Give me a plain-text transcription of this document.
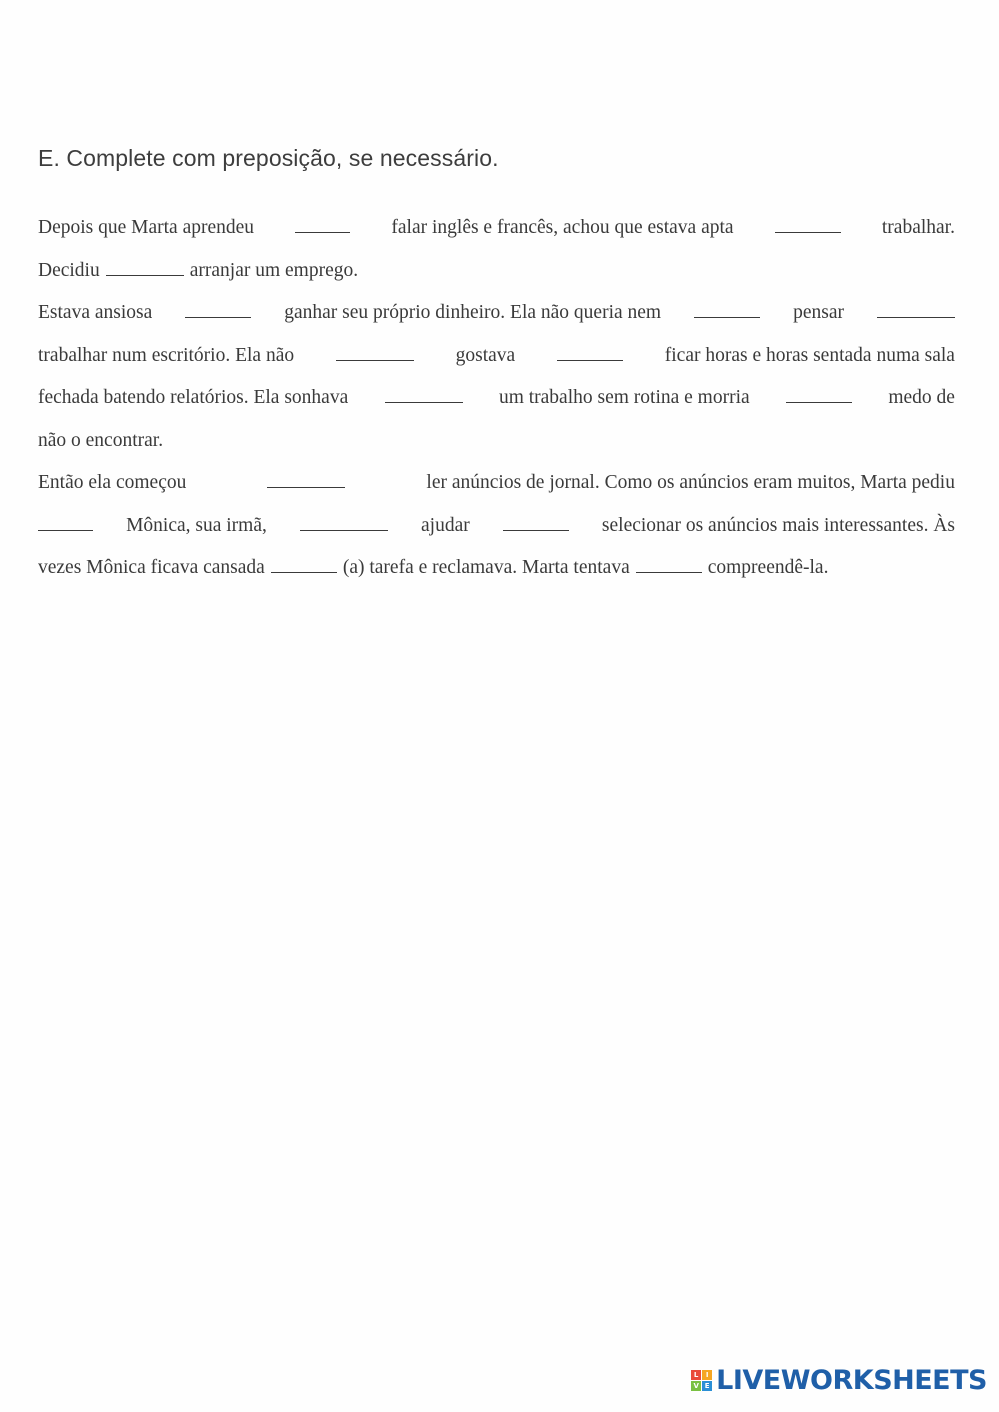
E. Complete com preposição, se necessário.
Depois que Marta aprendeu	falar inglês e francês, achou que estava apta	trabalhar.
Decidiu	arranjar um emprego.
Estava ansiosa	ganhar seu próprio dinheiro. Ela não queria nem	pensar
trabalhar num escritório. Ela não	gostava	ficar horas e horas sentada numa sala
fechada batendo relatórios. Ela sonhava	um trabalho sem rotina e morria	medo de
não o encontrar.
Então ela começou	ler anúncios de jornal. Como os anúncios eram muitos, Marta pediu
Mônica, sua irmã,	ajudar	selecionar os anúncios mais interessantes. Às
vezes Mônica ficava cansada	(a) tarefa e reclamava. Marta tentava	compreendê-la.
L	I
V E LIVEWORKSHEETS
